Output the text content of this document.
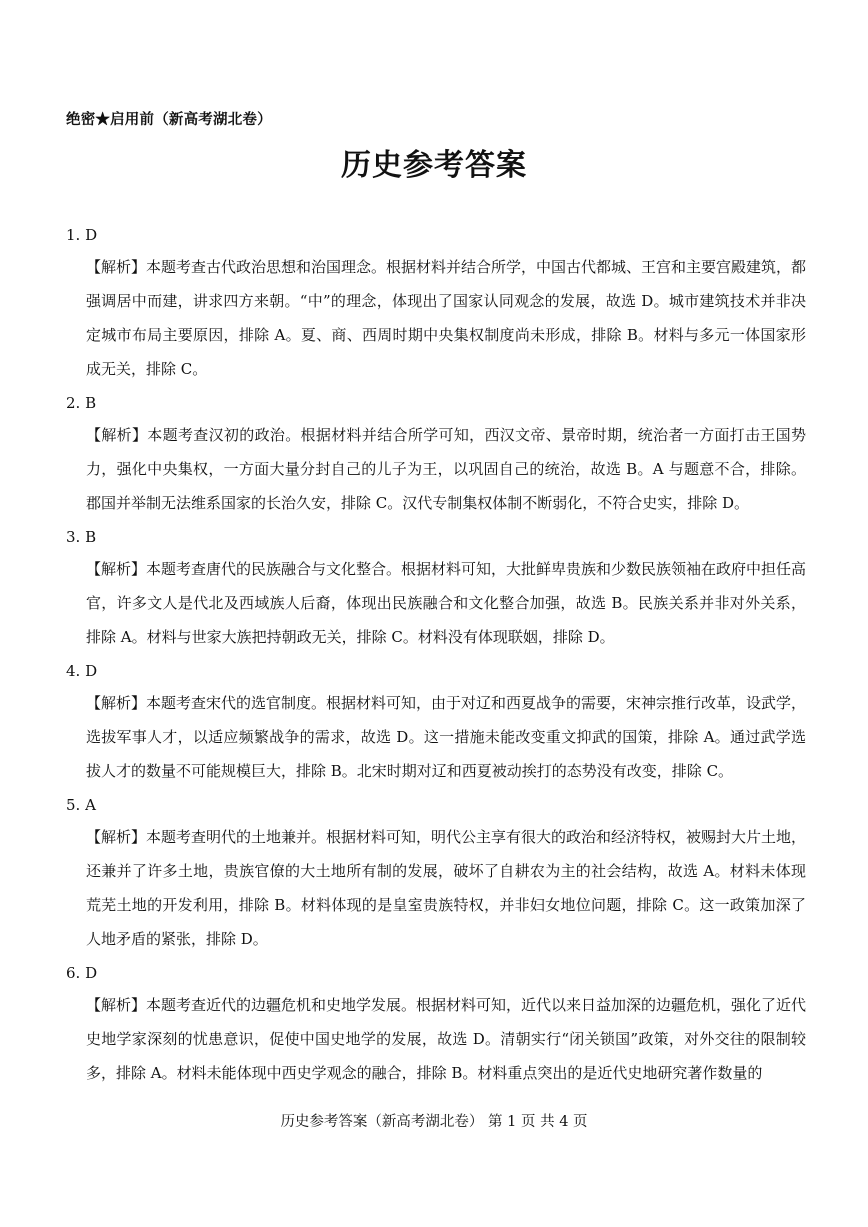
绝密★启用前（新高考湖北卷）
历史参考答案
1. D
【解析】本题考查古代政治思想和治国理念。根据材料并结合所学，中国古代都城、王宫和主要宫殿建筑，都强调居中而建，讲求四方来朝。“中”的理念，体现出了国家认同观念的发展，故选 D。城市建筑技术并非决定城市布局主要原因，排除 A。夏、商、西周时期中央集权制度尚未形成，排除 B。材料与多元一体国家形成无关，排除 C。
2. B
【解析】本题考查汉初的政治。根据材料并结合所学可知，西汉文帝、景帝时期，统治者一方面打击王国势力，强化中央集权，一方面大量分封自己的儿子为王，以巩固自己的统治，故选 B。A 与题意不合，排除。郡国并举制无法维系国家的长治久安，排除 C。汉代专制集权体制不断弱化，不符合史实，排除 D。
3. B
【解析】本题考查唐代的民族融合与文化整合。根据材料可知，大批鲜卑贵族和少数民族领袖在政府中担任高官，许多文人是代北及西域族人后裔，体现出民族融合和文化整合加强，故选 B。民族关系并非对外关系，排除 A。材料与世家大族把持朝政无关，排除 C。材料没有体现联姻，排除 D。
4. D
【解析】本题考查宋代的选官制度。根据材料可知，由于对辽和西夏战争的需要，宋神宗推行改革，设武学，选拔军事人才，以适应频繁战争的需求，故选 D。这一措施未能改变重文抑武的国策，排除 A。通过武学选拔人才的数量不可能规模巨大，排除 B。北宋时期对辽和西夏被动挨打的态势没有改变，排除 C。
5. A
【解析】本题考查明代的土地兼并。根据材料可知，明代公主享有很大的政治和经济特权，被赐封大片土地，还兼并了许多土地，贵族官僚的大土地所有制的发展，破坏了自耕农为主的社会结构，故选 A。材料未体现荒芜土地的开发利用，排除 B。材料体现的是皇室贵族特权，并非妇女地位问题，排除 C。这一政策加深了人地矛盾的紧张，排除 D。
6. D
【解析】本题考查近代的边疆危机和史地学发展。根据材料可知，近代以来日益加深的边疆危机，强化了近代史地学家深刻的忧患意识，促使中国史地学的发展，故选 D。清朝实行“闭关锁国”政策，对外交往的限制较多，排除 A。材料未能体现中西史学观念的融合，排除 B。材料重点突出的是近代史地研究著作数量的
历史参考答案（新高考湖北卷） 第 1 页 共 4 页
